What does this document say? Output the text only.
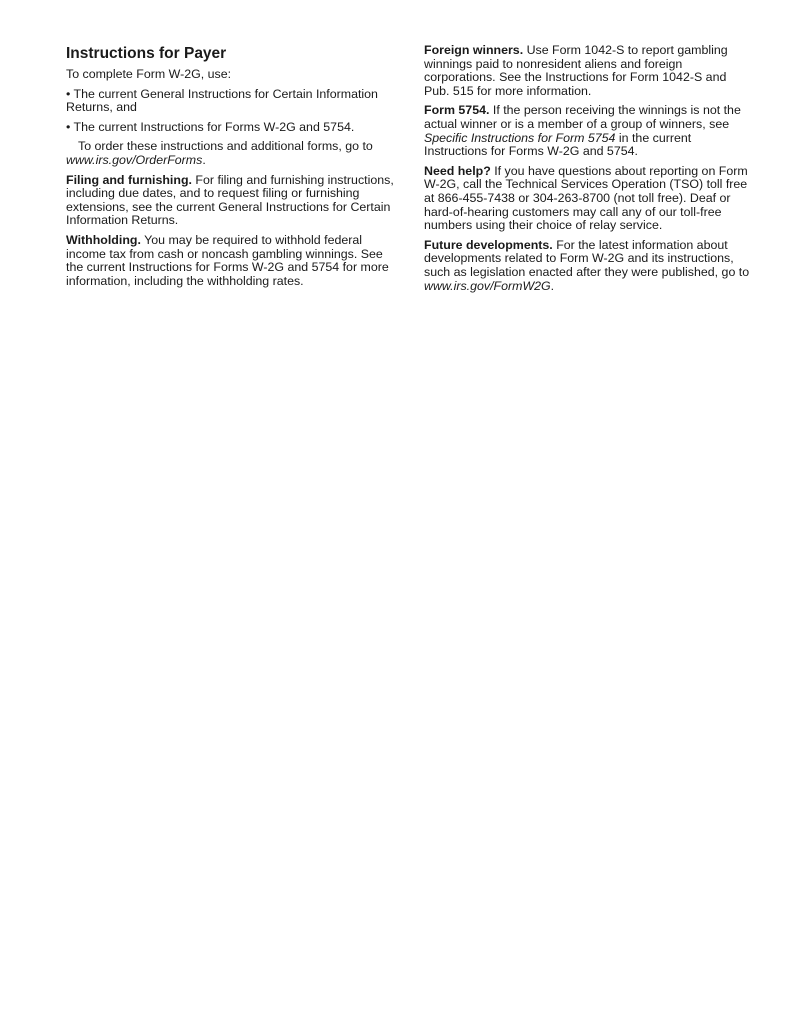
Instructions for Payer

To complete Form W-2G, use:

• The current General Instructions for Certain Information Returns, and

• The current Instructions for Forms W-2G and 5754.

To order these instructions and additional forms, go to www.irs.gov/OrderForms.

Filing and furnishing. For filing and furnishing instructions, including due dates, and to request filing or furnishing extensions, see the current General Instructions for Certain Information Returns.

Withholding. You may be required to withhold federal income tax from cash or noncash gambling winnings. See the current Instructions for Forms W-2G and 5754 for more information, including the withholding rates.

Foreign winners. Use Form 1042-S to report gambling winnings paid to nonresident aliens and foreign corporations. See the Instructions for Form 1042-S and Pub. 515 for more information.

Form 5754. If the person receiving the winnings is not the actual winner or is a member of a group of winners, see Specific Instructions for Form 5754 in the current Instructions for Forms W-2G and 5754.

Need help? If you have questions about reporting on Form W-2G, call the Technical Services Operation (TSO) toll free at 866-455-7438 or 304-263-8700 (not toll free). Deaf or hard-of-hearing customers may call any of our toll-free numbers using their choice of relay service.

Future developments. For the latest information about developments related to Form W-2G and its instructions, such as legislation enacted after they were published, go to www.irs.gov/FormW2G.
